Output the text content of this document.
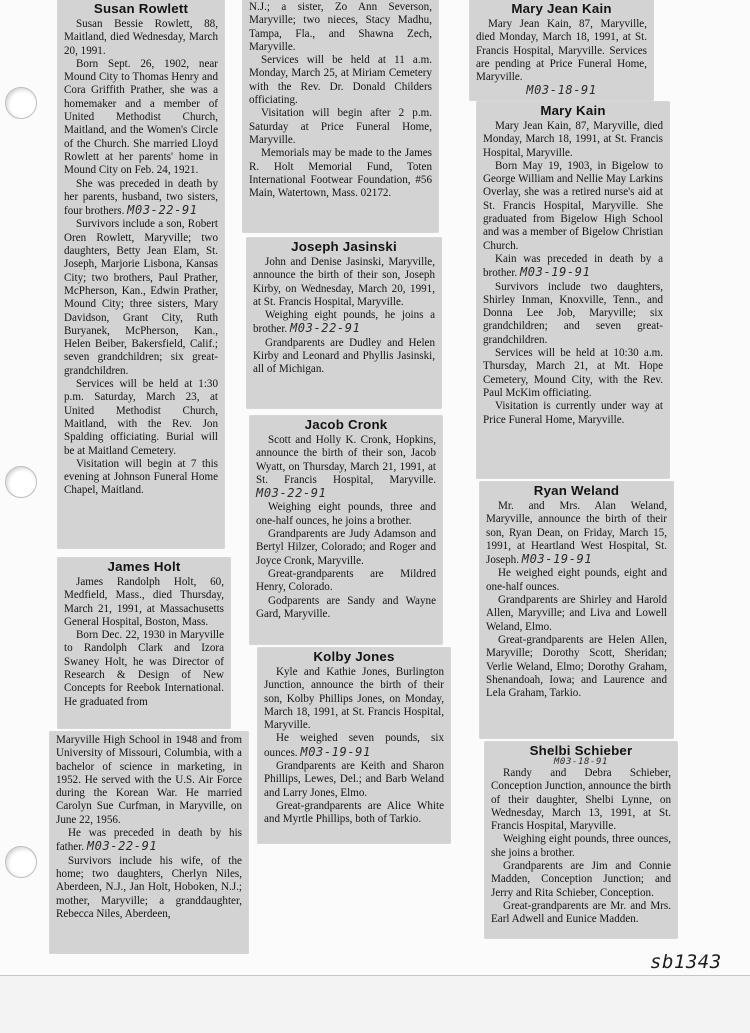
Susan Rowlett

Susan Bessie Rowlett, 88, Maitland, died Wednesday, March 20, 1991.

Born Sept. 26, 1902, near Mound City to Thomas Henry and Cora Griffith Prather, she was a homemaker and a member of United Methodist Church, Maitland, and the Women's Circle of the Church. She married Lloyd Rowlett at her parents' home in Mound City on Feb. 24, 1921.

She was preceded in death by her parents, husband, two sisters, four brothers. M03-22-91

Survivors include a son, Robert Oren Rowlett, Maryville; two daughters, Betty Jean Elam, St. Joseph, Marjorie Lisbona, Kansas City; two brothers, Paul Prather, McPherson, Kan., Edwin Prather, Mound City; three sisters, Mary Davidson, Grant City, Ruth Buryanek, McPherson, Kan., Helen Beiber, Bakersfield, Calif.; seven grandchildren; six great-grandchildren.

Services will be held at 1:30 p.m. Saturday, March 23, at United Methodist Church, Maitland, with the Rev. Jon Spalding officiating. Burial will be at Maitland Cemetery.

Visitation will begin at 7 this evening at Johnson Funeral Home Chapel, Maitland.

James Holt

James Randolph Holt, 60, Medfield, Mass., died Thursday, March 21, 1991, at Massachusetts General Hospital, Boston, Mass.

Born Dec. 22, 1930 in Maryville to Randolph Clark and Izora Swaney Holt, he was Director of Research & Design of New Concepts for Reebok International. He graduated from

Maryville High School in 1948 and from University of Missouri, Columbia, with a bachelor of science in marketing, in 1952. He served with the U.S. Air Force during the Korean War. He married Carolyn Sue Curfman, in Maryville, on June 22, 1956.

He was preceded in death by his father. M03-22-91

Survivors include his wife, of the home; two daughters, Cherlyn Niles, Aberdeen, N.J., Jan Holt, Hoboken, N.J.; mother, Maryville; a granddaughter, Rebecca Niles, Aberdeen,

N.J.; a sister, Zo Ann Severson, Maryville; two nieces, Stacy Madhu, Tampa, Fla., and Shawna Zech, Maryville.

Services will be held at 11 a.m. Monday, March 25, at Miriam Cemetery with the Rev. Dr. Donald Childers officiating.

Visitation will begin after 2 p.m. Saturday at Price Funeral Home, Maryville.

Memorials may be made to the James R. Holt Memorial Fund, Toten International Footwear Foundation, #56 Main, Watertown, Mass. 02172.

Joseph Jasinski

John and Denise Jasinski, Maryville, announce the birth of their son, Joseph Kirby, on Wednesday, March 20, 1991, at St. Francis Hospital, Maryville.

Weighing eight pounds, he joins a brother. M03-22-91

Grandparents are Dudley and Helen Kirby and Leonard and Phyllis Jasinski, all of Michigan.

Jacob Cronk

Scott and Holly K. Cronk, Hopkins, announce the birth of their son, Jacob Wyatt, on Thursday, March 21, 1991, at St. Francis Hospital, Maryville. M03-22-91

Weighing eight pounds, three and one-half ounces, he joins a brother.

Grandparents are Judy Adamson and Bertyl Hilzer, Colorado; and Roger and Joyce Cronk, Maryville.

Great-grandparents are Mildred Henry, Colorado.

Godparents are Sandy and Wayne Gard, Maryville.

Kolby Jones

Kyle and Kathie Jones, Burlington Junction, announce the birth of their son, Kolby Phillips Jones, on Monday, March 18, 1991, at St. Francis Hospital, Maryville.

He weighed seven pounds, six ounces. M03-19-91

Grandparents are Keith and Sharon Phillips, Lewes, Del.; and Barb Weland and Larry Jones, Elmo.

Great-grandparents are Alice White and Myrtle Phillips, both of Tarkio.

Mary Jean Kain

Mary Jean Kain, 87, Maryville, died Monday, March 18, 1991, at St. Francis Hospital, Maryville. Services are pending at Price Funeral Home, Maryville.

M03-18-91

Mary Kain

Mary Jean Kain, 87, Maryville, died Monday, March 18, 1991, at St. Francis Hospital, Maryville.

Born May 19, 1903, in Bigelow to George William and Nellie May Larkins Overlay, she was a retired nurse's aid at St. Francis Hospital, Maryville. She graduated from Bigelow High School and was a member of Bigelow Christian Church.

Kain was preceded in death by a brother. M03-19-91

Survivors include two daughters, Shirley Inman, Knoxville, Tenn., and Donna Lee Job, Maryville; six grandchildren; and seven great-grandchildren.

Services will be held at 10:30 a.m. Thursday, March 21, at Mt. Hope Cemetery, Mound City, with the Rev. Paul McKim officiating.

Visitation is currently under way at Price Funeral Home, Maryville.

Ryan Weland

Mr. and Mrs. Alan Weland, Maryville, announce the birth of their son, Ryan Dean, on Friday, March 15, 1991, at Heartland West Hospital, St. Joseph. M03-19-91

He weighed eight pounds, eight and one-half ounces.

Grandparents are Shirley and Harold Allen, Maryville; and Liva and Lowell Weland, Elmo.

Great-grandparents are Helen Allen, Maryville; Dorothy Scott, Sheridan; Verlie Weland, Elmo; Dorothy Graham, Shenandoah, Iowa; and Laurence and Lela Graham, Tarkio.

Shelbi Schieber

M03-18-91

Randy and Debra Schieber, Conception Junction, announce the birth of their daughter, Shelbi Lynne, on Wednesday, March 13, 1991, at St. Francis Hospital, Maryville.

Weighing eight pounds, three ounces, she joins a brother.

Grandparents are Jim and Connie Madden, Conception Junction; and Jerry and Rita Schieber, Conception.

Great-grandparents are Mr. and Mrs. Earl Adwell and Eunice Madden.

sb1343
